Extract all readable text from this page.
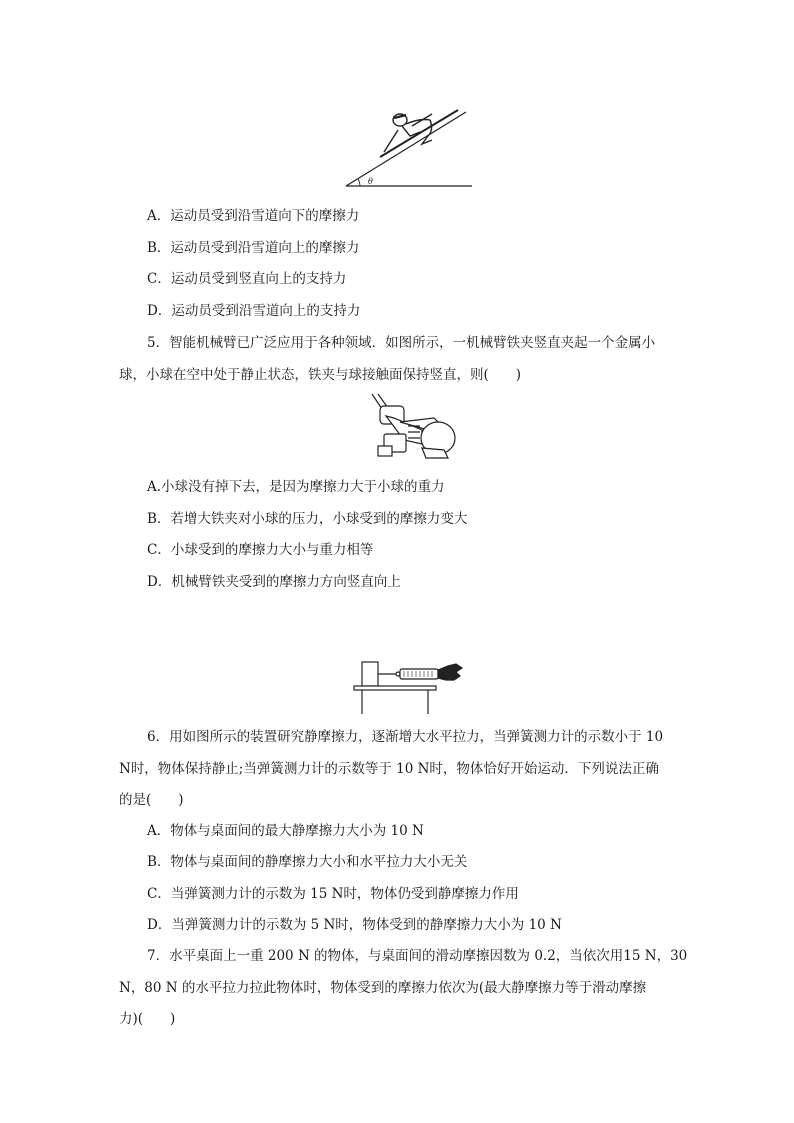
θ
A．运动员受到沿雪道向下的摩擦力
B．运动员受到沿雪道向上的摩擦力
C．运动员受到竖直向上的支持力
D．运动员受到沿雪道向上的支持力
5．智能机械臂已广泛应用于各种领域．如图所示，一机械臂铁夹竖直夹起一个金属小
球，小球在空中处于静止状态，铁夹与球接触面保持竖直，则(　　)
A.小球没有掉下去，是因为摩擦力大于小球的重力
B．若增大铁夹对小球的压力，小球受到的摩擦力变大
C．小球受到的摩擦力大小与重力相等
D．机械臂铁夹受到的摩擦力方向竖直向上
6．用如图所示的装置研究静摩擦力，逐渐增大水平拉力，当弹簧测力计的示数小于 10
N时，物体保持静止;当弹簧测力计的示数等于 10 N时，物体恰好开始运动．下列说法正确
的是(　　)
A．物体与桌面间的最大静摩擦力大小为 10 N
B．物体与桌面间的静摩擦力大小和水平拉力大小无关
C．当弹簧测力计的示数为 15 N时，物体仍受到静摩擦力作用
D．当弹簧测力计的示数为 5 N时，物体受到的静摩擦力大小为 10 N
7．水平桌面上一重 200 N 的物体，与桌面间的滑动摩擦因数为 0.2，当依次用15 N，30
N，80 N 的水平拉力拉此物体时，物体受到的摩擦力依次为(最大静摩擦力等于滑动摩擦
力)(　　)
